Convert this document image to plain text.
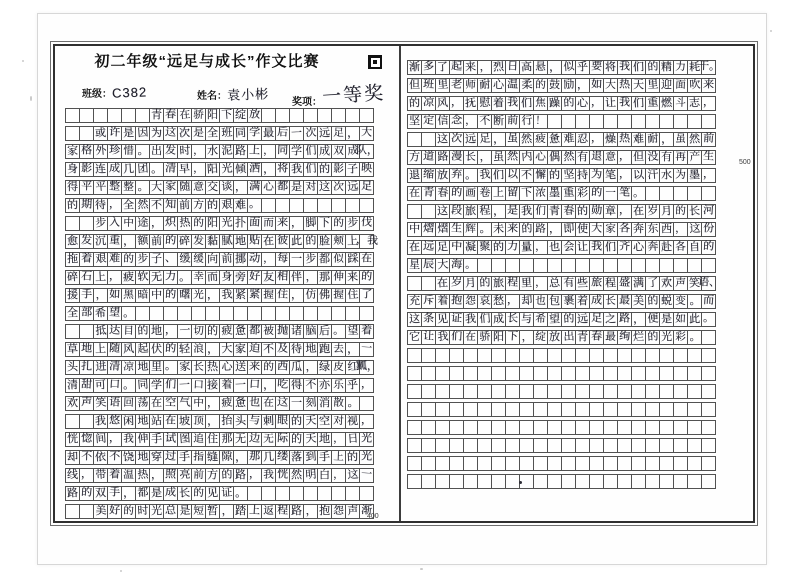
初二年级“远足与成长”作文比赛
班级：C382	姓名：袁小彬 奖项：一等奖
青 春 在 骄 阳 下 绽 放
或 许 是 因 为 这 次 是 全 班 同 学 最 后 一 次 远 足 ， 大
家 格 外 珍 惜 。 出 发 时 ， 水 泥 路 上 ， 同 学 们 成 双 成
队，
身 影 连 成 几 团 。 清 早 ， 阳 光 倾 洒 ， 将 我 们 的 影 子 映
得 平 平 整 整 。 大 家 随 意 交 谈 ， 满 心 都 是 对 这 次 远 足
的 期 待 ， 全 然 不 知 前 方 的 艰 难 。
步 入 中 途 ， 炽 热 的 阳 光 扑 面 而 来 ， 脚 下 的 步 伐
愈 发 沉 重 ， 额 前 的 碎 发 黏 腻 地 贴 在 彼 此 的 脸 颊 上
，我
拖 着 艰 难 的 步 子 、 缓 缓 向 前 挪 动 ， 每 一 步 都 似 踩 在
碎 石 上 ， 疲 软 无 力 。 幸 而 身 旁 好 友 相 伴 ， 那 伸 来 的
援 手 ， 如 黑 暗 中 的 曙 光 ， 我 紧 紧 握 住 ， 仿 佛 握 住 了
全 部 希 望 。
抵 达 目 的 地 ， 一 切 的 疲 惫 都 被 抛 诸 脑 后 。 望 着
草 地 上 随 风 起 伏 的 轻 浪 ， 大 家 迫 不 及 待 地 跑 去 ， 一
头 扎 进 清 凉 地 里 。 家 长 热 心 送 来 的 西 瓜 ， 绿 皮 红
瓤，
清 甜 可 口 。 同 学 们 一 口 接 着 一 口 ， 吃 得 不 亦 乐 乎 ，
欢 声 笑 语 回 荡 在 空 气 中 ， 疲 惫 也 在 这 一 刻 消 散 。
我 悠 闲 地 站 在 坡 顶 ， 抬 头 与 刺 眼 的 天 空 对 视 ，
恍 惚 间 ， 我 伸 手 试 图 追 住 那 无 边 无 际 的 天 地 ， 日 光
却 不 依 不 饶 地 穿 过 手 指 缝 隙 ， 那 几 缕 落 到 手 上 的 光
线 ， 带 着 温 热 ， 照 亮 前 方 的 路 ， 我 恍 然 明 白 ， 这 一
路 的 双 手 ， 都 是 成 长 的 见 证 。
美 好 的 时 光 总 是 短 暂 ， 踏 上 返 程 路 ， 抱 怨 声 渐
400
渐 多 了 起 来 ， 烈 日 高 悬 ， 似 乎 要 将 我 们 的 精 力 耗
干。
但 班 里 老 师 耐 心 温 柔 的 鼓 励 ， 如 大 热 天 里 迎 面 吹 来
的 凉 风 ， 抚 慰 着 我 们 焦 躁 的 心 ， 让 我 们 重 燃 斗 志 ，
坚 定 信 念 ， 不 断 前 行 ！
这 次 远 足 ， 虽 然 疲 惫 难 忍 ， 燥 热 难 耐 ， 虽 然 前
方 道 路 漫 长 ， 虽 然 内 心 偶 然 有 退 意 ， 但 没 有 再 产 生
退 缩 放 弃 。 我 们 以 不 懈 的 坚 持 为 笔 ， 以 汗 水 为 墨 ，
在 青 春 的 画 卷 上 留 下 浓 墨 重 彩 的 一 笔 。
这 段 旅 程 ， 是 我 们 青 春 的 勋 章 ， 在 岁 月 的 长 河
中 熠 熠 生 辉 。 未 来 的 路 ， 即 使 大 家 各 奔 东 西 ， 这 份
在 远 足 中 凝 聚 的 力 量 ， 也 会 让 我 们 齐 心 奔 赴 各 自 的
星 辰 大 海 。
在 岁 月 的 旅 程 里 ， 总 有 些 旅 程 盛 满 了 欢 声 笑
语、
充 斥 着 抱 怨 哀 愁 ， 却 也 包 裹 着 成 长 最 美 的 蜕 变 。 而
这 条 见 证 我 们 成 长 与 希 望 的 远 足 之 路 ， 便 是 如 此 。
它 让 我 们 在 骄 阳 下 ， 绽 放 出 青 春 最 绚 烂 的 光 彩 。
500
